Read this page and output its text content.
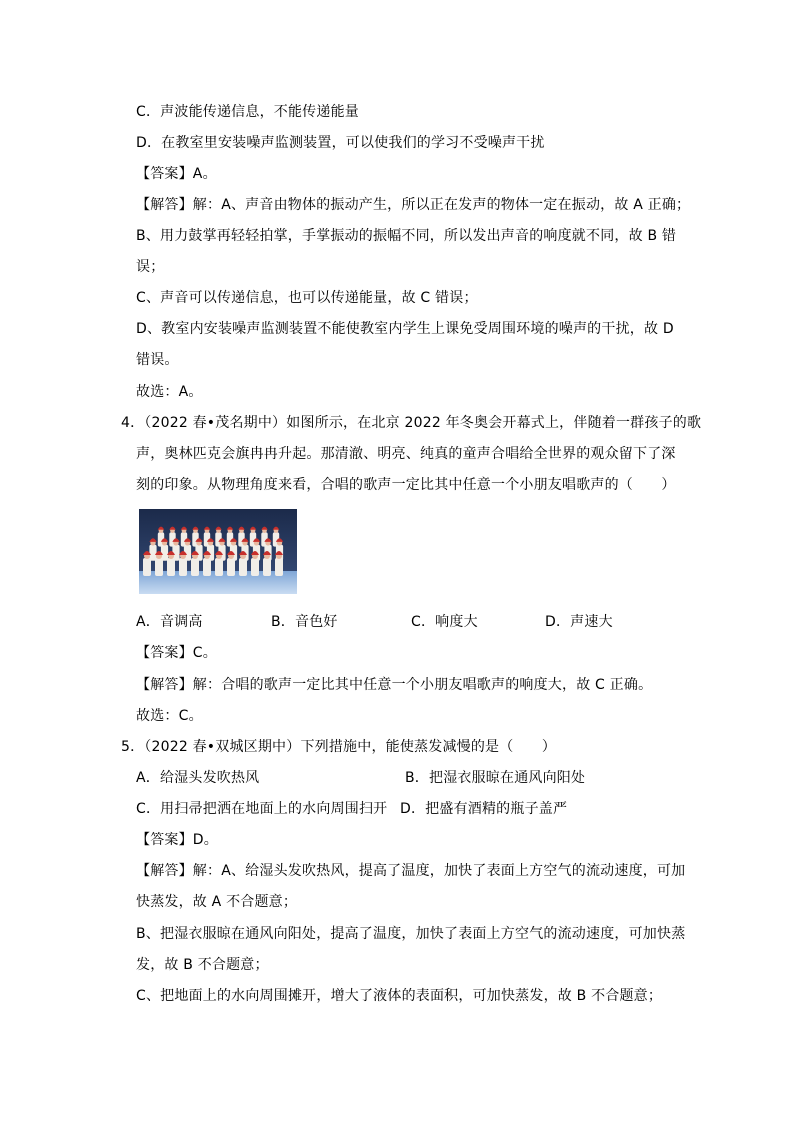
C．声波能传递信息，不能传递能量
D．在教室里安装噪声监测装置，可以使我们的学习不受噪声干扰
【答案】A。
【解答】解：A、声音由物体的振动产生，所以正在发声的物体一定在振动，故 A 正确；
B、用力鼓掌再轻轻拍掌，手掌振动的振幅不同，所以发出声音的响度就不同，故 B 错
误；
C、声音可以传递信息，也可以传递能量，故 C 错误；
D、教室内安装噪声监测装置不能使教室内学生上课免受周围环境的噪声的干扰，故 D
错误。
故选：A。
4．（2022 春•茂名期中）如图所示，在北京 2022 年冬奥会开幕式上，伴随着一群孩子的歌
声，奥林匹克会旗冉冉升起。那清澈、明亮、纯真的童声合唱给全世界的观众留下了深
刻的印象。从物理角度来看，合唱的歌声一定比其中任意一个小朋友唱歌声的（　　）
A．音调高	B．音色好	C．响度大	D．声速大
【答案】C。
【解答】解：合唱的歌声一定比其中任意一个小朋友唱歌声的响度大，故 C 正确。
故选：C。
5．（2022 春•双城区期中）下列措施中，能使蒸发减慢的是（　　）
A．给湿头发吹热风	B．把湿衣服晾在通风向阳处
C．用扫帚把洒在地面上的水向周围扫开 D．把盛有酒精的瓶子盖严
【答案】D。
【解答】解：A、给湿头发吹热风，提高了温度，加快了表面上方空气的流动速度，可加
快蒸发，故 A 不合题意；
B、把湿衣服晾在通风向阳处，提高了温度，加快了表面上方空气的流动速度，可加快蒸
发，故 B 不合题意；
C、把地面上的水向周围摊开，增大了液体的表面积，可加快蒸发，故 B 不合题意；
